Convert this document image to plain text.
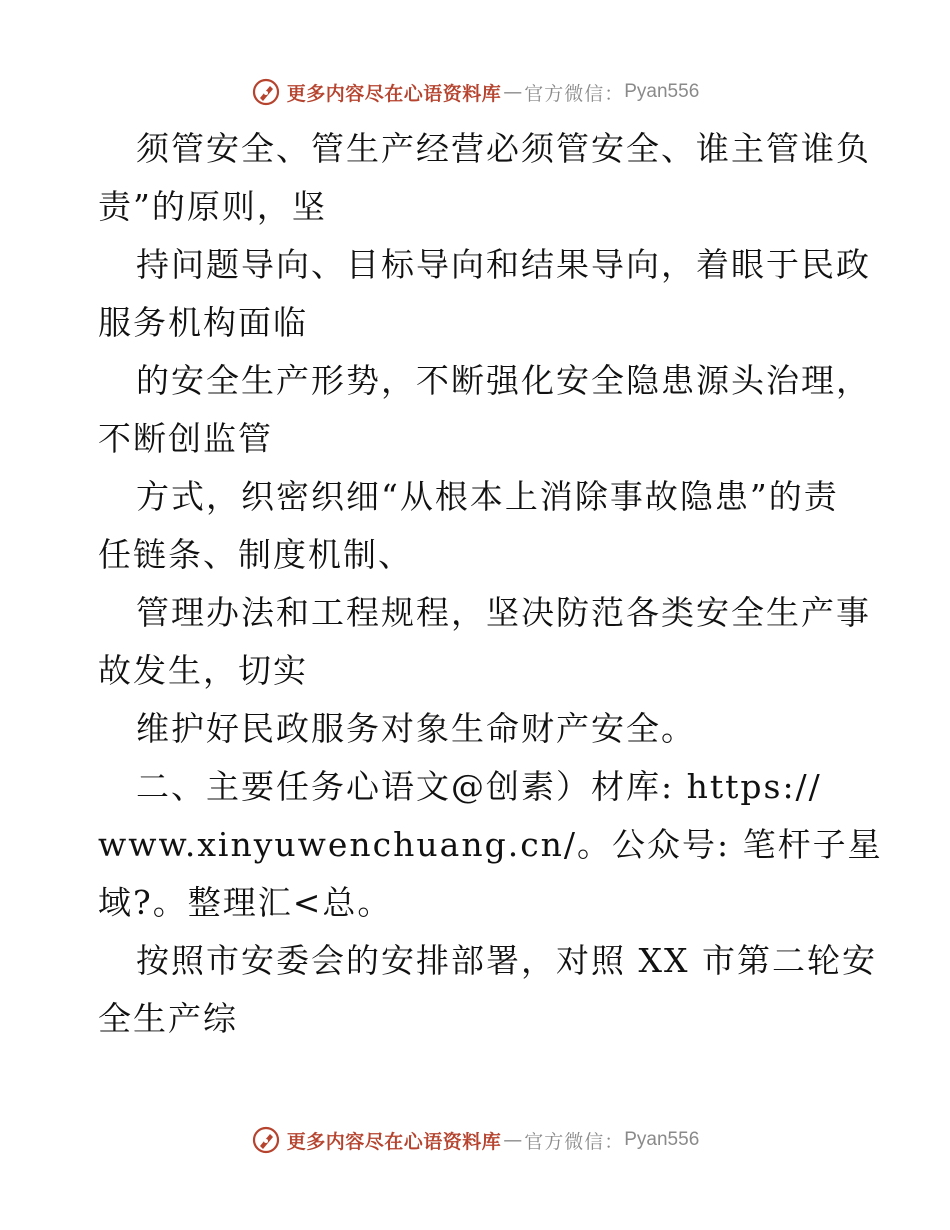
更多内容尽在心语资料库 — 官方微信： Pyan556
须管安全、管生产经营必须管安全、谁主管谁负
责”的原则，坚
持问题导向、目标导向和结果导向，着眼于民政
服务机构面临
的安全生产形势，不断强化安全隐患源头治理，
不断创监管
方式，织密织细“从根本上消除事故隐患”的责
任链条、制度机制、
管理办法和工程规程，坚决防范各类安全生产事
故发生，切实
维护好民政服务对象生命财产安全。
二、主要任务心语文@创素）材库: https://
www.xinyuwenchuang.cn/。公众号: 笔杆子星
域?。整理汇<总。
按照市安委会的安排部署，对照 XX 市第二轮安
全生产综
更多内容尽在心语资料库 — 官方微信： Pyan556
